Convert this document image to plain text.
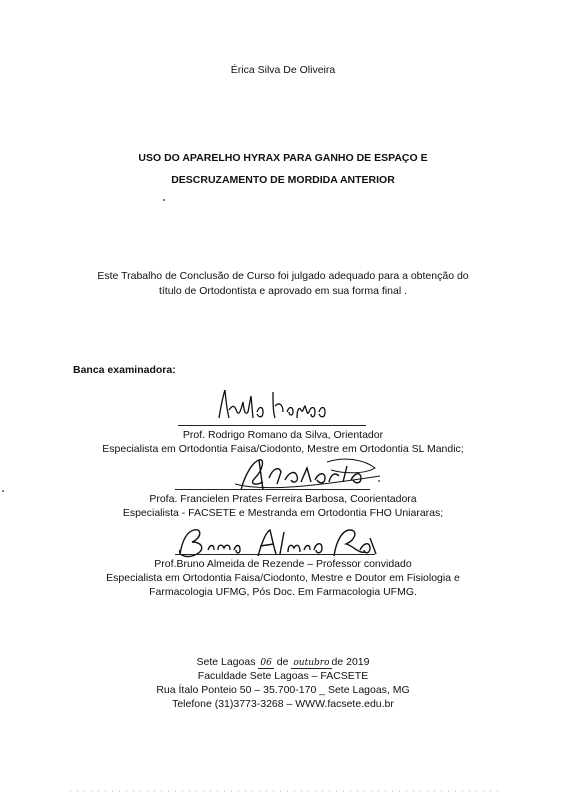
Érica Silva De Oliveira
USO DO APARELHO HYRAX PARA GANHO DE ESPAÇO E
DESCRUZAMENTO DE MORDIDA ANTERIOR
Este Trabalho de Conclusão de Curso foi julgado adequado para a obtenção do
título de Ortodontista e aprovado em sua forma final .
Banca examinadora:
Prof. Rodrigo Romano da Silva, Orientador
Especialista em Ortodontia Faisa/Ciodonto, Mestre em Ortodontia SL Mandic;
Profa. Francielen Prates Ferreira Barbosa, Coorientadora
Especialista - FACSETE e Mestranda em Ortodontia FHO Uniararas;
Prof.Bruno Almeida de Rezende – Professor convidado
Especialista em Ortodontia Faisa/Ciodonto, Mestre e Doutor em Fisiologia e
Farmacologia UFMG, Pós Doc. Em Farmacologia UFMG.
Sete Lagoas 06 de outubro de 2019
Faculdade Sete Lagoas – FACSETE
Rua Ítalo Ponteio 50 – 35.700-170 _ Sete Lagoas, MG
Telefone (31)3773-3268 – WWW.facsete.edu.br
